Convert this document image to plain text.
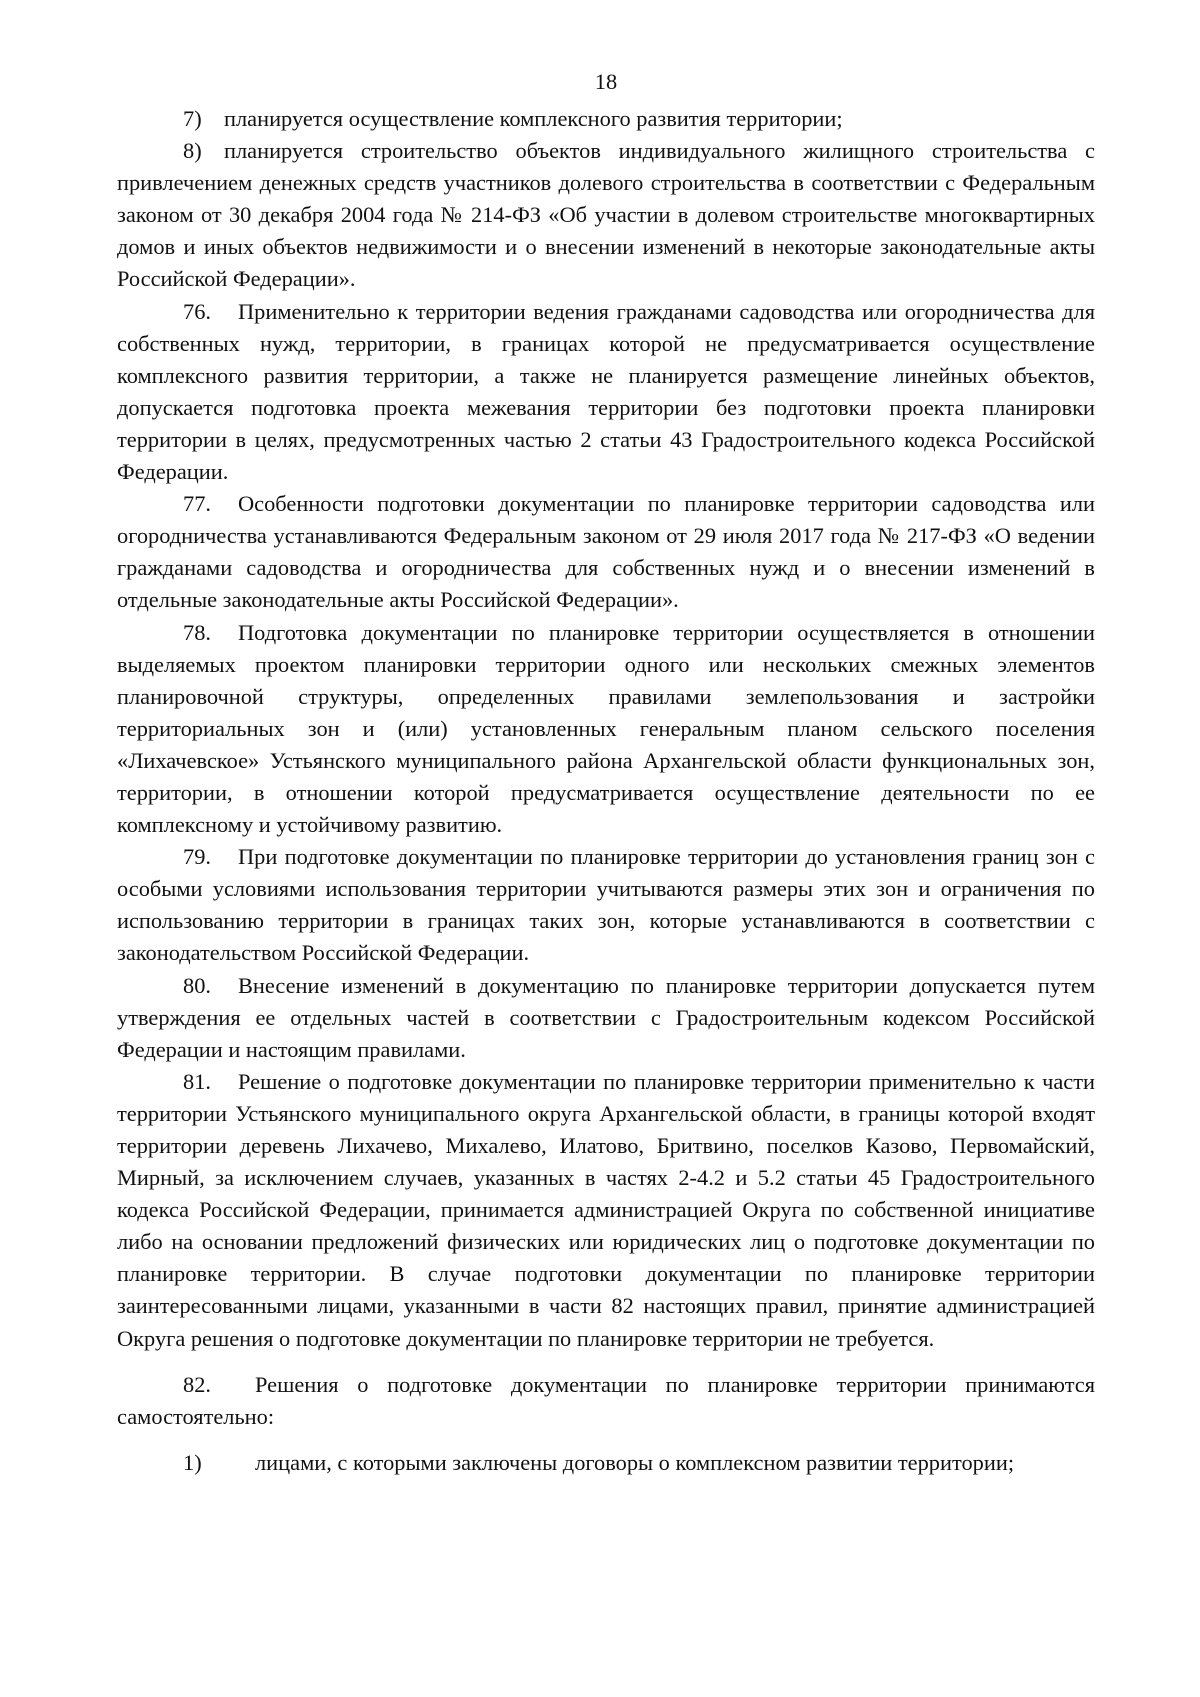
18

7) планируется осуществление комплексного развития территории;

8) планируется строительство объектов индивидуального жилищного строительства с привлечением денежных средств участников долевого строительства в соответствии с Федеральным законом от 30 декабря 2004 года № 214-ФЗ «Об участии в долевом строительстве многоквартирных домов и иных объектов недвижимости и о внесении изменений в некоторые законодательные акты Российской Федерации».

76. Применительно к территории ведения гражданами садоводства или огородничества для собственных нужд, территории, в границах которой не предусматривается осуществление комплексного развития территории, а также не планируется размещение линейных объектов, допускается подготовка проекта межевания территории без подготовки проекта планировки территории в целях, предусмотренных частью 2 статьи 43 Градостроительного кодекса Российской Федерации.

77. Особенности подготовки документации по планировке территории садоводства или огородничества устанавливаются Федеральным законом от 29 июля 2017 года № 217-ФЗ «О ведении гражданами садоводства и огородничества для собственных нужд и о внесении изменений в отдельные законодательные акты Российской Федерации».

78. Подготовка документации по планировке территории осуществляется в отношении выделяемых проектом планировки территории одного или нескольких смежных элементов планировочной структуры, определенных правилами землепользования и застройки территориальных зон и (или) установленных генеральным планом сельского поселения «Лихачевское» Устьянского муниципального района Архангельской области функциональных зон, территории, в отношении которой предусматривается осуществление деятельности по ее комплексному и устойчивому развитию.

79. При подготовке документации по планировке территории до установления границ зон с особыми условиями использования территории учитываются размеры этих зон и ограничения по использованию территории в границах таких зон, которые устанавливаются в соответствии с законодательством Российской Федерации.

80. Внесение изменений в документацию по планировке территории допускается путем утверждения ее отдельных частей в соответствии с Градостроительным кодексом Российской Федерации и настоящим правилами.

81. Решение о подготовке документации по планировке территории применительно к части территории Устьянского муниципального округа Архангельской области, в границы которой входят территории деревень Лихачево, Михалево, Илатово, Бритвино, поселков Казово, Первомайский, Мирный, за исключением случаев, указанных в частях 2-4.2 и 5.2 статьи 45 Градостроительного кодекса Российской Федерации, принимается администрацией Округа по собственной инициативе либо на основании предложений физических или юридических лиц о подготовке документации по планировке территории. В случае подготовки документации по планировке территории заинтересованными лицами, указанными в части 82 настоящих правил, принятие администрацией Округа решения о подготовке документации по планировке территории не требуется.

82. Решения о подготовке документации по планировке территории принимаются самостоятельно:

1) лицами, с которыми заключены договоры о комплексном развитии территории;
